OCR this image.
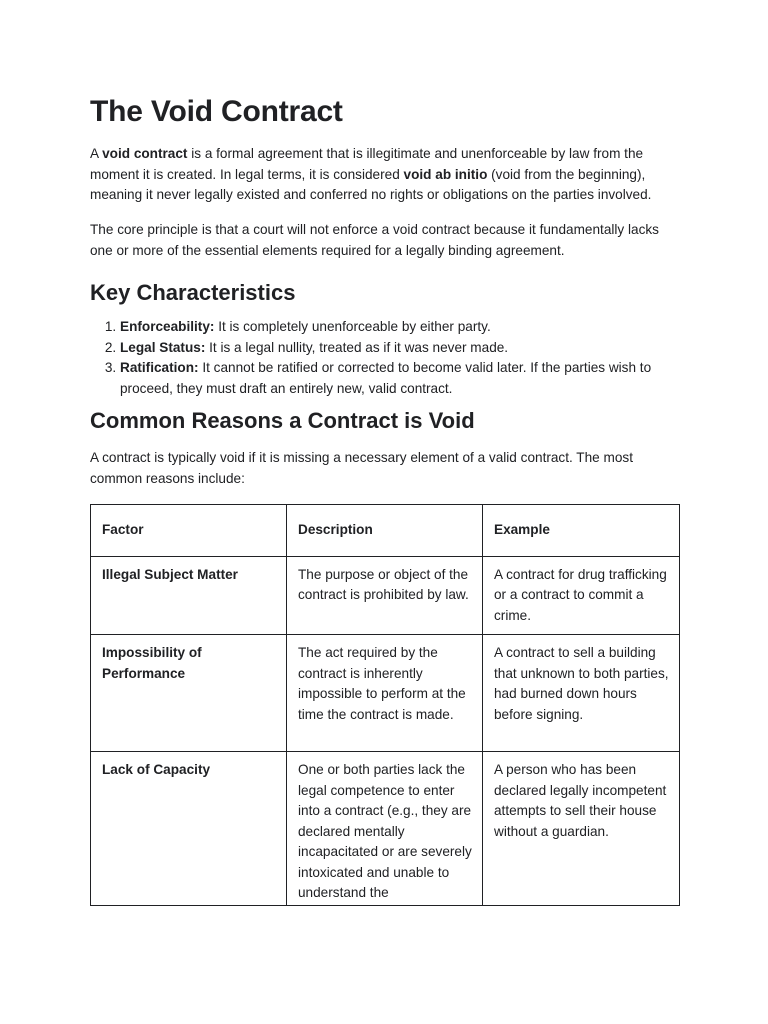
The Void Contract

A void contract is a formal agreement that is illegitimate and unenforceable by law from the moment it is created. In legal terms, it is considered void ab initio (void from the beginning), meaning it never legally existed and conferred no rights or obligations on the parties involved.

The core principle is that a court will not enforce a void contract because it fundamentally lacks one or more of the essential elements required for a legally binding agreement.

Key Characteristics
1. Enforceability: It is completely unenforceable by either party.
2. Legal Status: It is a legal nullity, treated as if it was never made.
3. Ratification: It cannot be ratified or corrected to become valid later. If the parties wish to proceed, they must draft an entirely new, valid contract.
Common Reasons a Contract is Void

A contract is typically void if it is missing a necessary element of a valid contract. The most common reasons include:

Factor	Description	Example
Illegal Subject Matter	The purpose or object of the contract is prohibited by law.	A contract for drug trafficking or a contract to commit a crime.
Impossibility of Performance	The act required by the contract is inherently impossible to perform at the time the contract is made.	A contract to sell a building that unknown to both parties, had burned down hours before signing.

Lack of Capacity	One or both parties lack the legal competence to enter into a contract (e.g., they are declared mentally incapacitated or are severely intoxicated and unable to understand the	A person who has been declared legally incompetent attempts to sell their house without a guardian.
